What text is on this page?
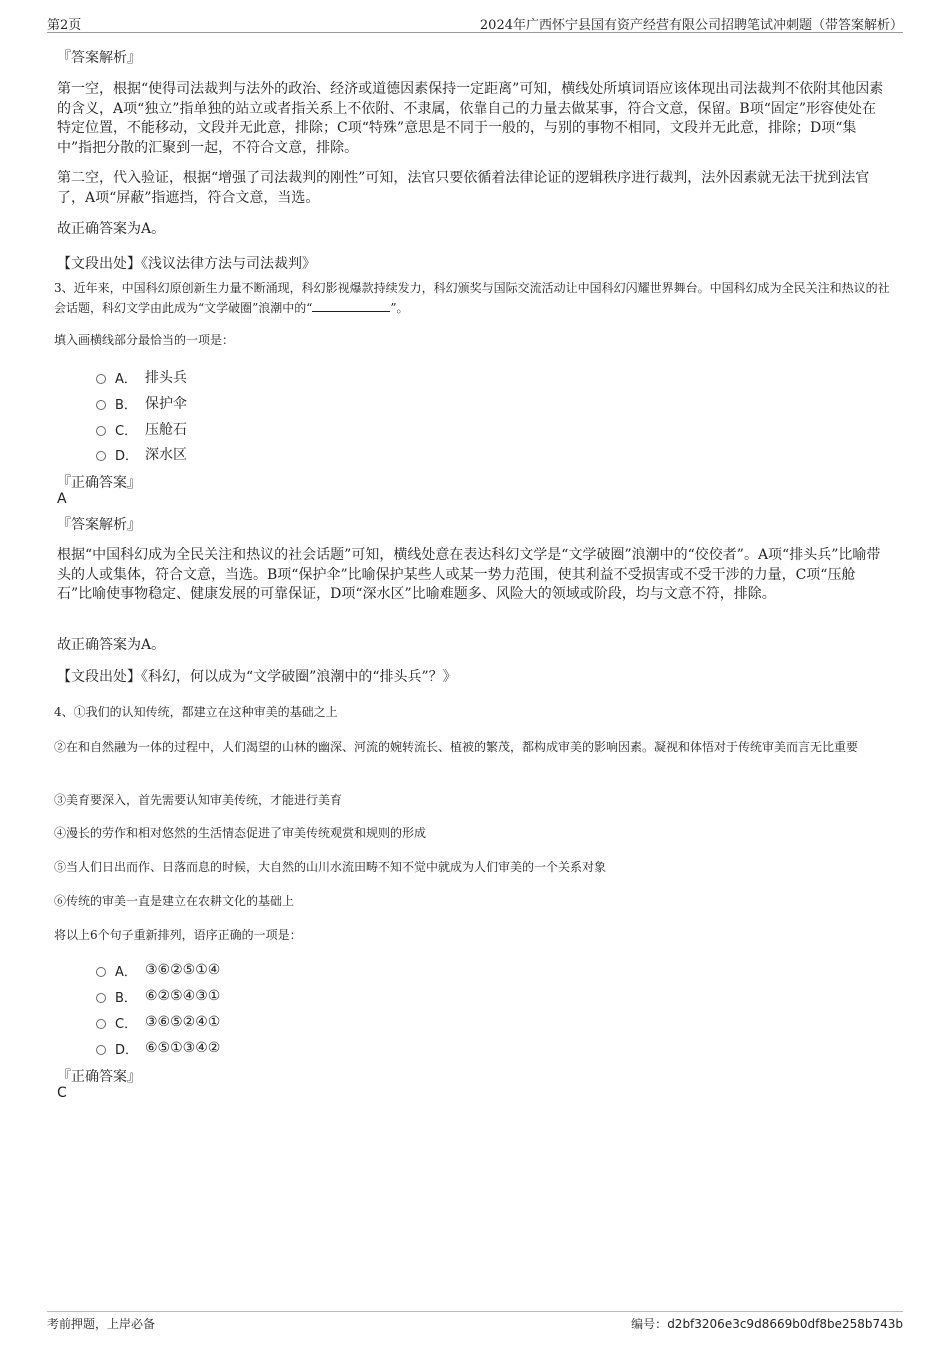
第2页	2024年广西怀宁县国有资产经营有限公司招聘笔试冲刺题（带答案解析）
『答案解析』
第一空，根据“使得司法裁判与法外的政治、经济或道德因素保持一定距离”可知，横线处所填词语应该体现出司法裁判不依附其他因素的含义，A项“独立”指单独的站立或者指关系上不依附、不隶属，依靠自己的力量去做某事，符合文意，保留。B项“固定”形容使处在特定位置，不能移动，文段并无此意，排除；C项“特殊”意思是不同于一般的，与别的事物不相同，文段并无此意，排除；D项“集中”指把分散的汇聚到一起，不符合文意，排除。
第二空，代入验证，根据“增强了司法裁判的刚性”可知，法官只要依循着法律论证的逻辑秩序进行裁判，法外因素就无法干扰到法官了，A项“屏蔽”指遮挡，符合文意，当选。
故正确答案为A。
【文段出处】《浅议法律方法与司法裁判》
3、近年来，中国科幻原创新生力量不断涌现，科幻影视爆款持续发力，科幻颁奖与国际交流活动让中国科幻闪耀世界舞台。中国科幻成为全民关注和热议的社会话题，科幻文学由此成为“文学破圈”浪潮中的“	”。
填入画横线部分最恰当的一项是：
A． 排头兵
B． 保护伞
C． 压舱石
D． 深水区
『正确答案』
A
『答案解析』
根据“中国科幻成为全民关注和热议的社会话题”可知，横线处意在表达科幻文学是“文学破圈”浪潮中的“佼佼者”。A项“排头兵”比喻带头的人或集体，符合文意，当选。B项“保护伞”比喻保护某些人或某一势力范围，使其利益不受损害或不受干涉的力量，C项“压舱石”比喻使事物稳定、健康发展的可靠保证，D项“深水区”比喻难题多、风险大的领域或阶段，均与文意不符，排除。
故正确答案为A。
【文段出处】《科幻，何以成为“文学破圈”浪潮中的“排头兵”？》
4、①我们的认知传统，都建立在这种审美的基础之上
②在和自然融为一体的过程中，人们渴望的山林的幽深、河流的婉转流长、植被的繁茂，都构成审美的影响因素。凝视和体悟对于传统审美而言无比重要
③美育要深入，首先需要认知审美传统，才能进行美育
④漫长的劳作和相对悠然的生活情态促进了审美传统观赏和规则的形成
⑤当人们日出而作、日落而息的时候，大自然的山川水流田畴不知不觉中就成为人们审美的一个关系对象
⑥传统的审美一直是建立在农耕文化的基础上
将以上6个句子重新排列，语序正确的一项是：
A． ③⑥②⑤①④
B． ⑥②⑤④③①
C． ③⑥⑤②④①
D． ⑥⑤①③④②
『正确答案』
C
考前押题，上岸必备	编号：d2bf3206e3c9d8669b0df8be258b743b
